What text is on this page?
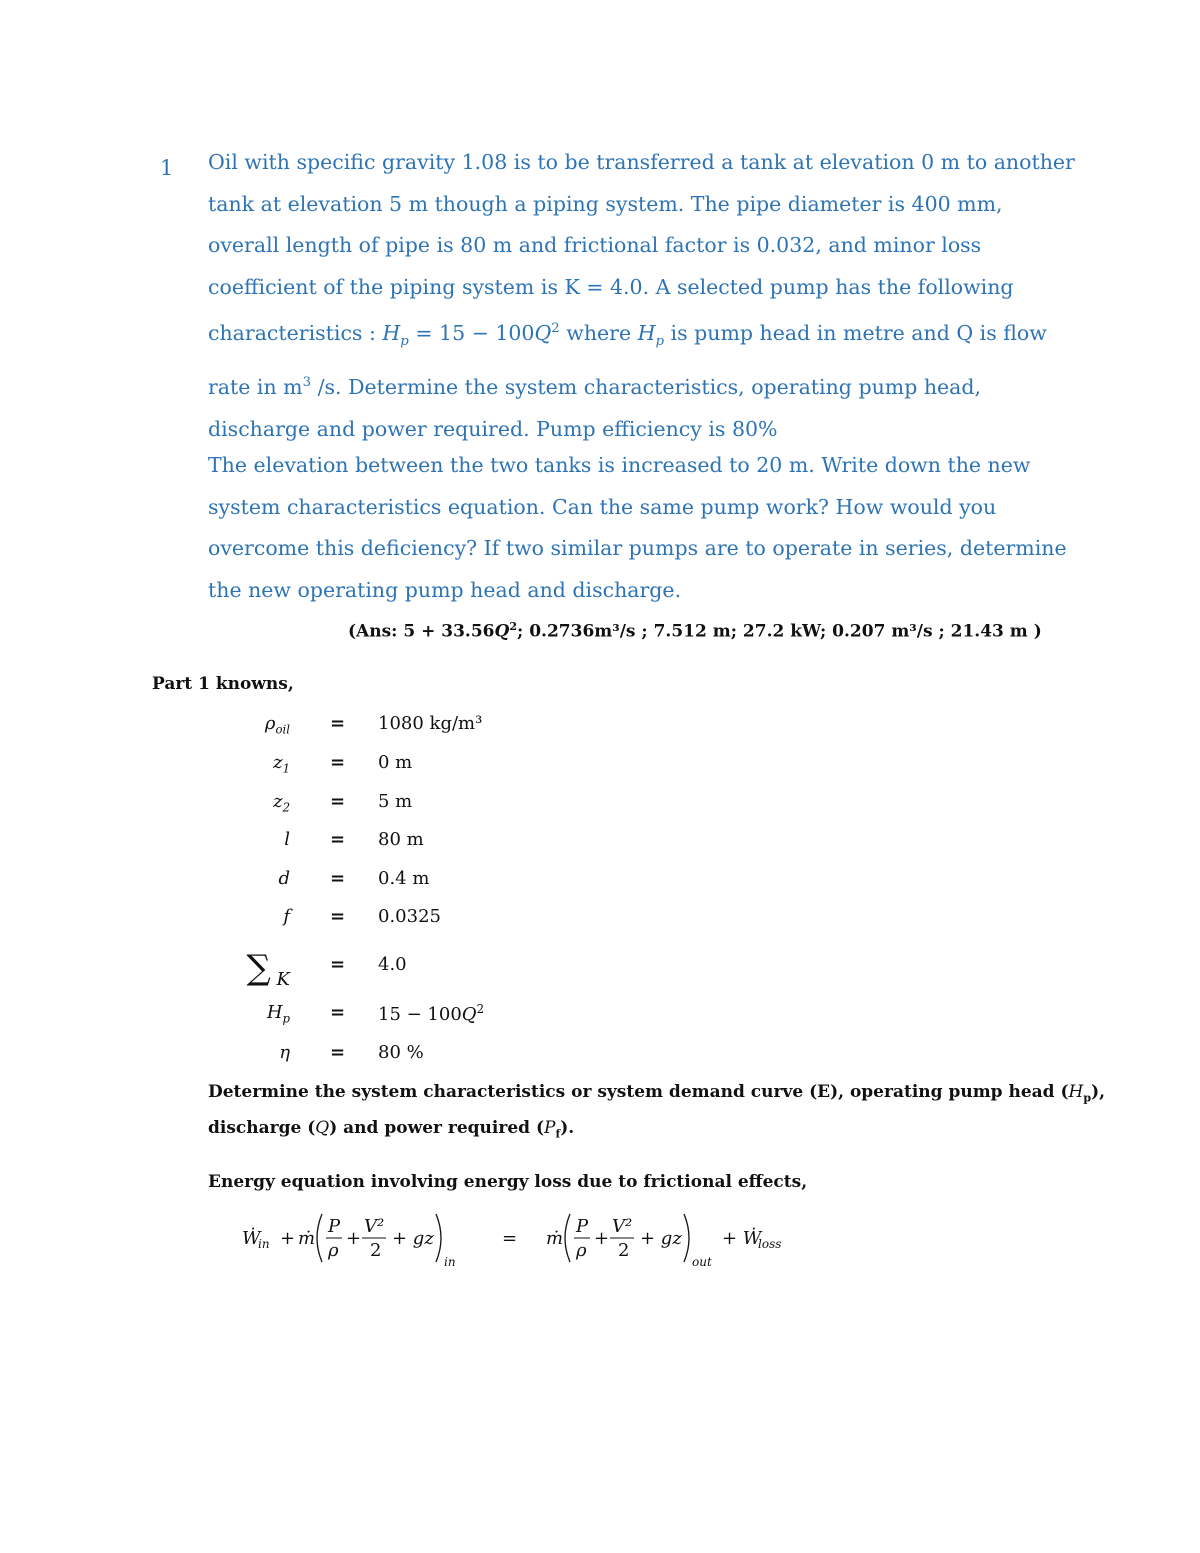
1 Oil with specific gravity 1.08 is to be transferred a tank at elevation 0 m to another
tank at elevation 5 m though a piping system. The pipe diameter is 400 mm,
overall length of pipe is 80 m and frictional factor is 0.032, and minor loss
coefficient of the piping system is K = 4.0. A selected pump has the following
characteristics : $H_p = 15 - 100Q^2$ where $H_p$ is pump head in metre and Q is flow
rate in $m^3$ /s. Determine the system characteristics, operating pump head,
discharge and power required. Pump efficiency is 80%
The elevation between the two tanks is increased to 20 m. Write down the new
system characteristics equation. Can the same pump work? How would you
overcome this deficiency? If two similar pumps are to operate in series, determine
the new operating pump head and discharge.
(Ans: $5 + 33.56Q^2$; 0.2736m³/s ; 7.512 m; 27.2 kW; 0.207 m³/s ; 21.43 m )
Part 1 knowns,
$\rho_{oil} = 1080$ kg/m³
$z_1 = 0$ m
$z_2 = 5$ m
l = 80 m
d = 0.4 m
f = 0.0325
∑ K
= 4.0
$H_p = 15 - 100Q^2$
η = 80 %
Determine the system characteristics or system demand curve (E), operating pump head $(H_p)$,
discharge (Q) and power required $(P_f)$.
Energy equation involving energy loss due to frictional effects,
Ẇ
in + ṁ
P
ρ
+
V²
2
+ gz
in
= ṁ
P
ρ
+
V²
2
+ gz
out
+ Ẇ
loss
